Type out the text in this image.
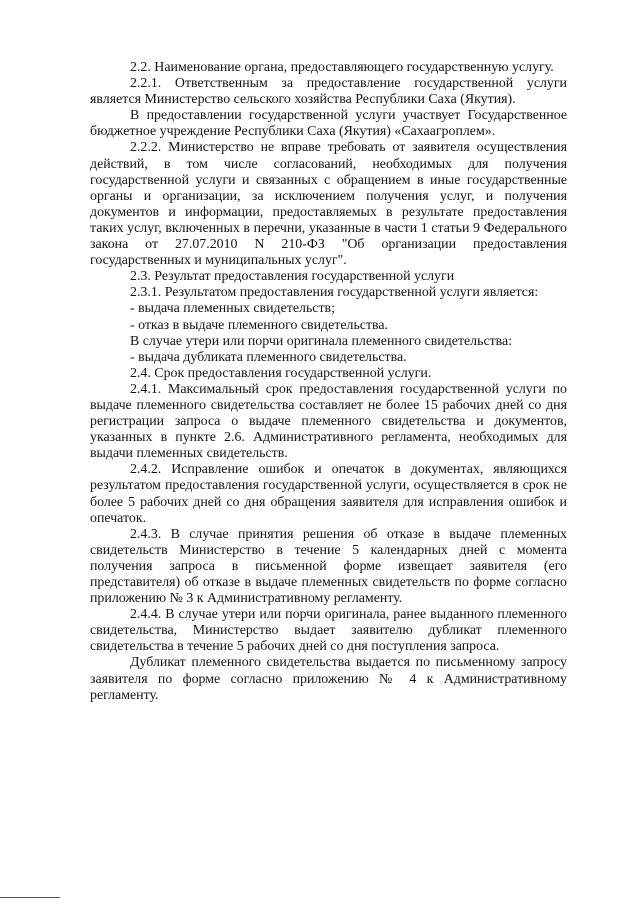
2.2. Наименование органа, предоставляющего государственную услугу.

2.2.1. Ответственным за предоставление государственной услуги является Министерство сельского хозяйства Республики Саха (Якутия).

В предоставлении государственной услуги участвует Государственное бюджетное учреждение Республики Саха (Якутия) «Сахаагроплем».

2.2.2. Министерство не вправе требовать от заявителя осуществления действий, в том числе согласований, необходимых для получения государственной услуги и связанных с обращением в иные государственные органы и организации, за исключением получения услуг, и получения документов и информации, предоставляемых в результате предоставления таких услуг, включенных в перечни, указанные в части 1 статьи 9 Федерального закона от 27.07.2010 N 210-ФЗ "Об организации предоставления государственных и муниципальных услуг".

2.3. Результат предоставления государственной услуги

2.3.1. Результатом предоставления государственной услуги является:

- выдача племенных свидетельств;

- отказ в выдаче племенного свидетельства.

В случае утери или порчи оригинала племенного свидетельства:

- выдача дубликата племенного свидетельства.

2.4. Срок предоставления государственной услуги.

2.4.1. Максимальный срок предоставления государственной услуги по выдаче племенного свидетельства составляет не более 15 рабочих дней со дня регистрации запроса о выдаче племенного свидетельства и документов, указанных в пункте 2.6. Административного регламента, необходимых для выдачи племенных свидетельств.

2.4.2. Исправление ошибок и опечаток в документах, являющихся результатом предоставления государственной услуги, осуществляется в срок не более 5 рабочих дней со дня обращения заявителя для исправления ошибок и опечаток.

2.4.3. В случае принятия решения об отказе в выдаче племенных свидетельств Министерство в течение 5 календарных дней с момента получения запроса в письменной форме извещает заявителя (его представителя) об отказе в выдаче племенных свидетельств по форме согласно приложению № 3 к Административному регламенту.

2.4.4. В случае утери или порчи оригинала, ранее выданного племенного свидетельства, Министерство выдает заявителю дубликат племенного свидетельства в течение 5 рабочих дней со дня поступления запроса.

Дубликат племенного свидетельства выдается по письменному запросу заявителя по форме согласно приложению № 4 к Административному регламенту.
